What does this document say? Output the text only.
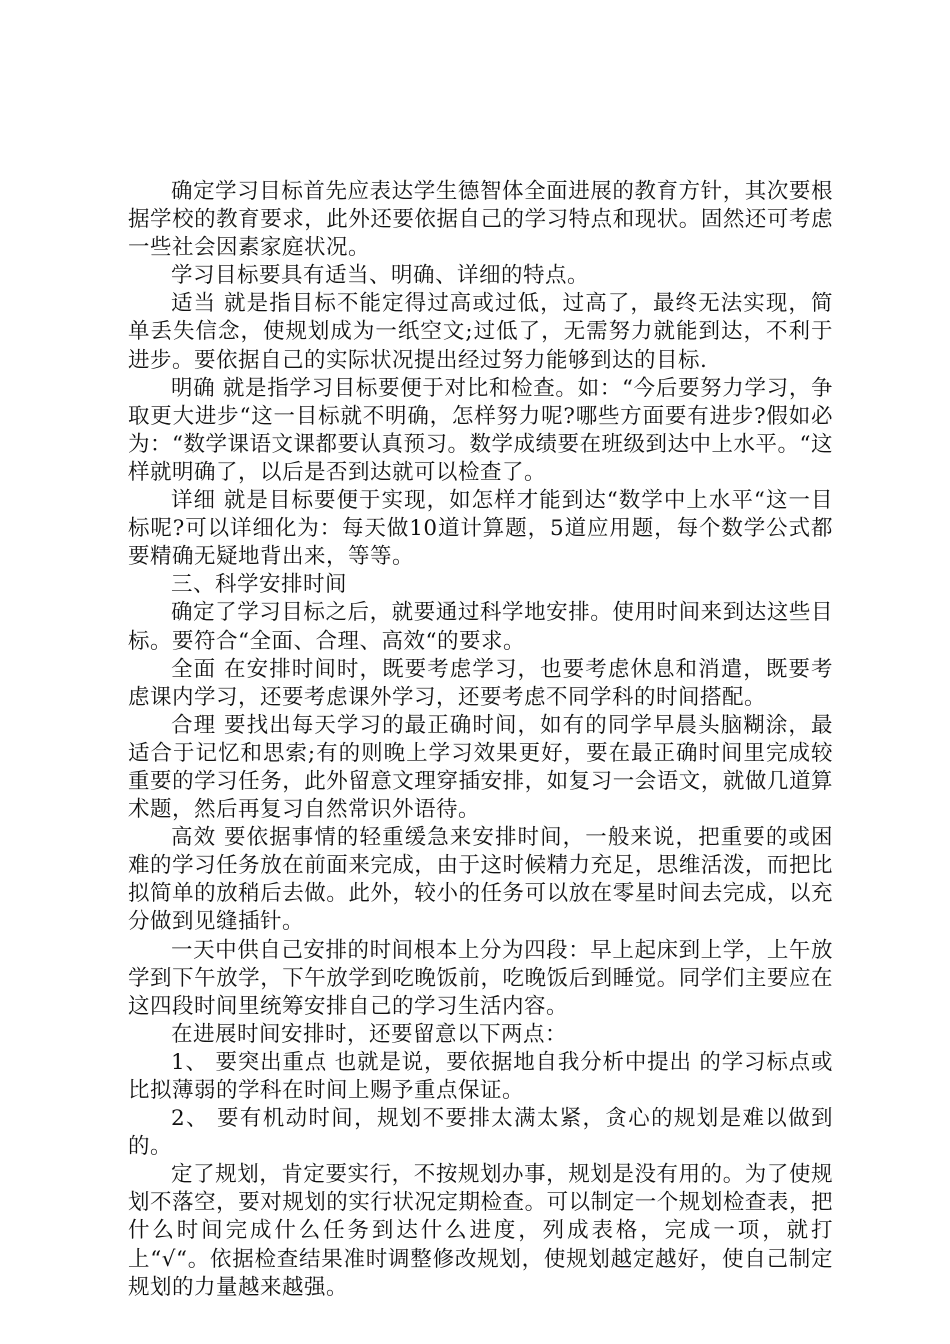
确定学习目标首先应表达学生德智体全面进展的教育方针，其次要根据学校的教育要求，此外还要依据自己的学习特点和现状。固然还可考虑一些社会因素家庭状况。

学习目标要具有适当、明确、详细的特点。

适当 就是指目标不能定得过高或过低，过高了，最终无法实现，简单丢失信念，使规划成为一纸空文;过低了，无需努力就能到达，不利于进步。要依据自己的实际状况提出经过努力能够到达的目标.

明确 就是指学习目标要便于对比和检查。如：“今后要努力学习，争取更大进步“这一目标就不明确，怎样努力呢?哪些方面要有进步?假如必为：“数学课语文课都要认真预习。数学成绩要在班级到达中上水平。“这样就明确了，以后是否到达就可以检查了。

详细 就是目标要便于实现，如怎样才能到达“数学中上水平“这一目标呢?可以详细化为：每天做10道计算题，5道应用题，每个数学公式都要精确无疑地背出来，等等。

三、科学安排时间

确定了学习目标之后，就要通过科学地安排。使用时间来到达这些目标。要符合“全面、合理、高效“的要求。

全面 在安排时间时，既要考虑学习，也要考虑休息和消遣，既要考虑课内学习，还要考虑课外学习，还要考虑不同学科的时间搭配。

合理 要找出每天学习的最正确时间，如有的同学早晨头脑糊涂，最适合于记忆和思索;有的则晚上学习效果更好，要在最正确时间里完成较重要的学习任务，此外留意文理穿插安排，如复习一会语文，就做几道算术题，然后再复习自然常识外语待。

高效 要依据事情的轻重缓急来安排时间，一般来说，把重要的或困难的学习任务放在前面来完成，由于这时候精力充足，思维活泼，而把比拟简单的放稍后去做。此外，较小的任务可以放在零星时间去完成，以充分做到见缝插针。

一天中供自己安排的时间根本上分为四段：早上起床到上学，上午放学到下午放学，下午放学到吃晚饭前，吃晚饭后到睡觉。同学们主要应在这四段时间里统筹安排自己的学习生活内容。

在进展时间安排时，还要留意以下两点：

1、 要突出重点 也就是说，要依据地自我分析中提出 的学习标点或比拟薄弱的学科在时间上赐予重点保证。

2、 要有机动时间，规划不要排太满太紧，贪心的规划是难以做到的。

定了规划，肯定要实行，不按规划办事，规划是没有用的。为了使规划不落空，要对规划的实行状况定期检查。可以制定一个规划检查表，把什么时间完成什么任务到达什么进度，列成表格，完成一项，就打上“√“。依据检查结果准时调整修改规划，使规划越定越好，使自己制定规划的力量越来越强。
